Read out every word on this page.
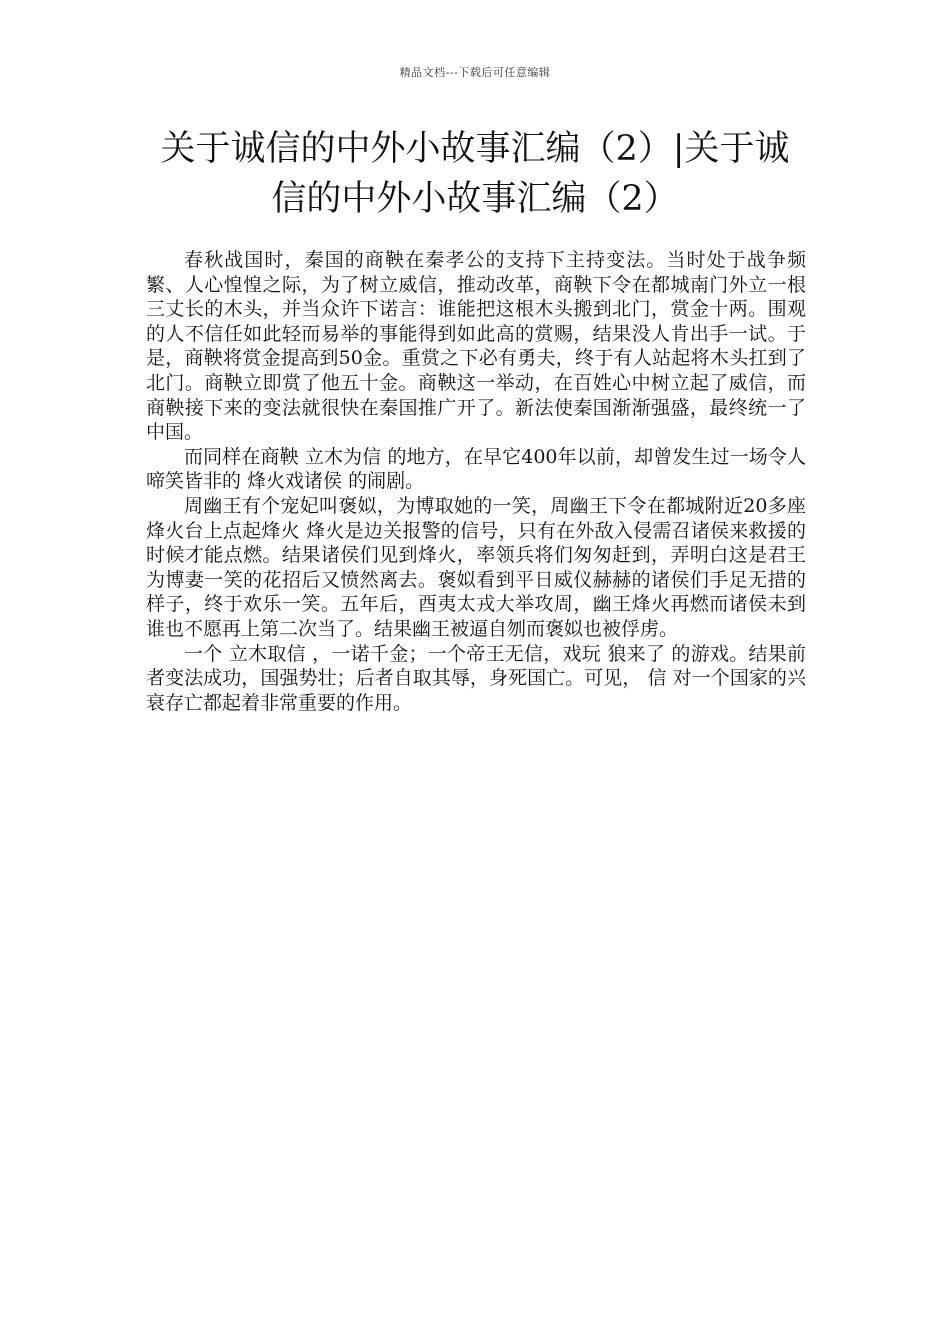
精品文档---下载后可任意编辑
关于诚信的中外小故事汇编（2）|关于诚信的中外小故事汇编（2）

春秋战国时，秦国的商鞅在秦孝公的支持下主持变法。当时处于战争频繁、人心惶惶之际，为了树立威信，推动改革，商鞅下令在都城南门外立一根三丈长的木头，并当众许下诺言：谁能把这根木头搬到北门，赏金十两。围观的人不信任如此轻而易举的事能得到如此高的赏赐，结果没人肯出手一试。于是，商鞅将赏金提高到50金。重赏之下必有勇夫，终于有人站起将木头扛到了北门。商鞅立即赏了他五十金。商鞅这一举动，在百姓心中树立起了威信，而商鞅接下来的变法就很快在秦国推广开了。新法使秦国渐渐强盛，最终统一了中国。

而同样在商鞅 立木为信 的地方，在早它400年以前，却曾发生过一场令人啼笑皆非的 烽火戏诸侯 的闹剧。

周幽王有个宠妃叫褒姒，为博取她的一笑，周幽王下令在都城附近20多座烽火台上点起烽火 烽火是边关报警的信号，只有在外敌入侵需召诸侯来救援的时候才能点燃。结果诸侯们见到烽火，率领兵将们匆匆赶到，弄明白这是君王为博妻一笑的花招后又愤然离去。褒姒看到平日威仪赫赫的诸侯们手足无措的样子，终于欢乐一笑。五年后，酉夷太戎大举攻周，幽王烽火再燃而诸侯未到 谁也不愿再上第二次当了。结果幽王被逼自刎而褒姒也被俘虏。

一个 立木取信 ，一诺千金；一个帝王无信，戏玩 狼来了 的游戏。结果前者变法成功，国强势壮；后者自取其辱，身死国亡。可见， 信 对一个国家的兴衰存亡都起着非常重要的作用。
